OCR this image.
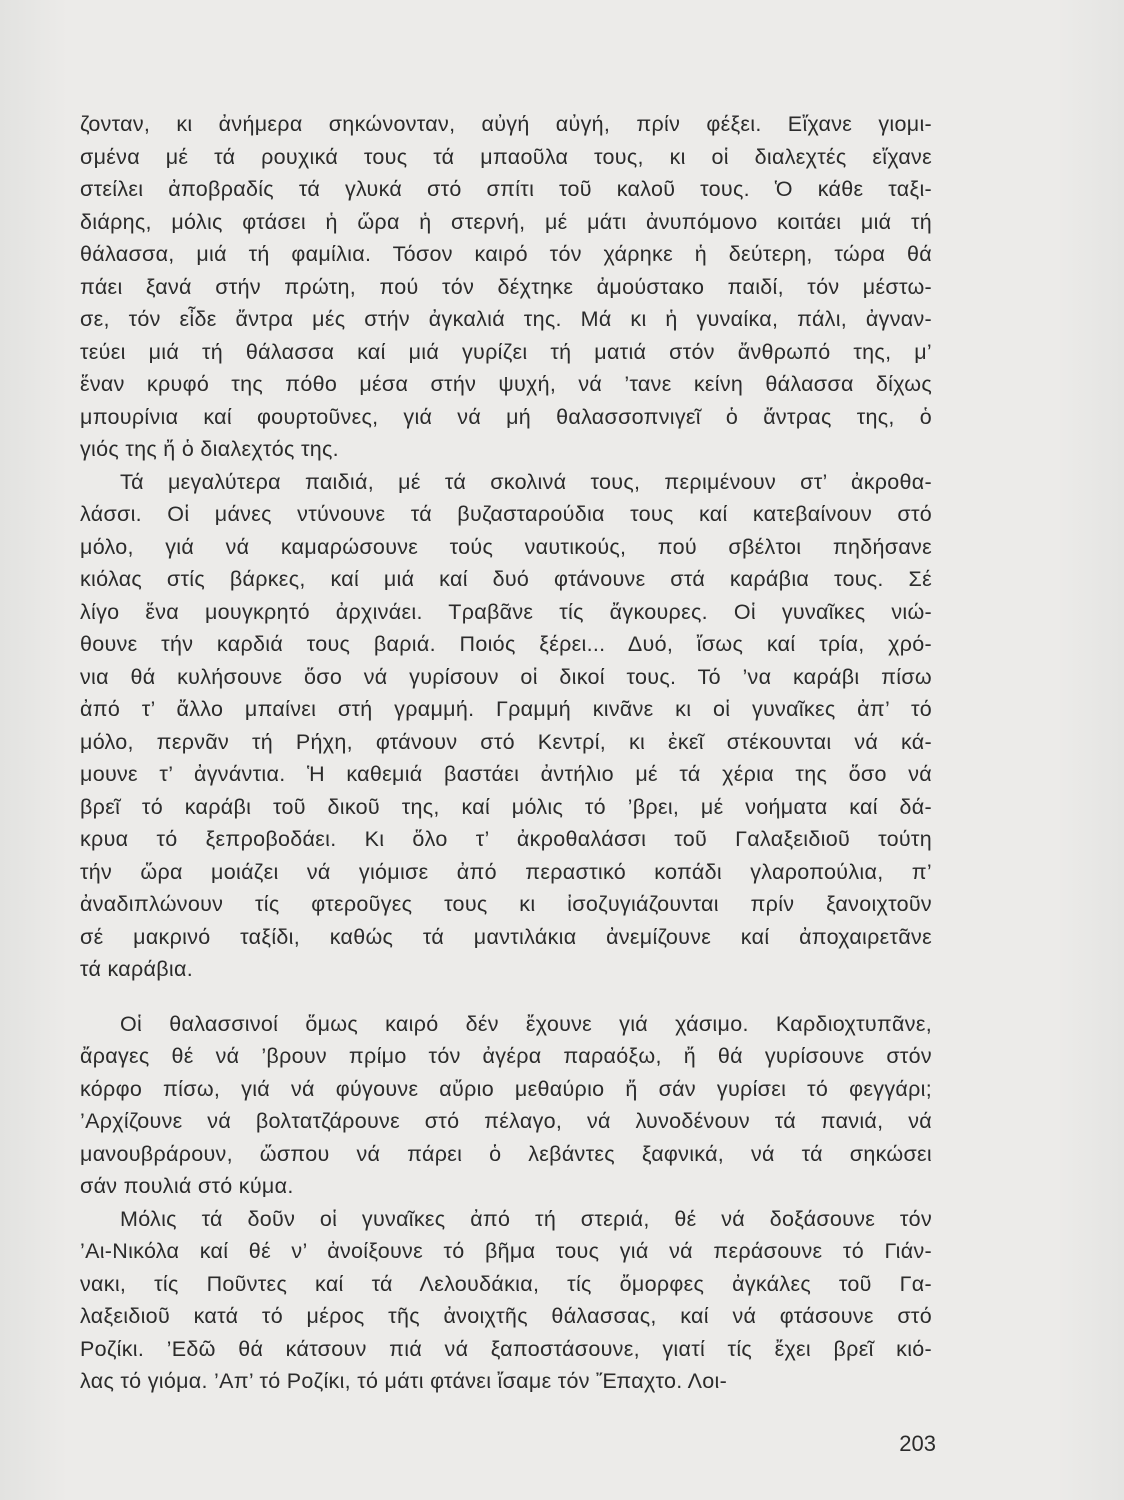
ζονταν, κι ἀνήμερα σηκώνονταν, αὐγή αὐγή, πρίν φέξει. Εἴχανε γιομι-
σμένα μέ τά ρουχικά τους τά μπαοῦλα τους, κι οἱ διαλεχτές εἴχανε
στείλει ἀποβραδίς τά γλυκά στό σπίτι τοῦ καλοῦ τους. Ὁ κάθε ταξι-
διάρης, μόλις φτάσει ἡ ὥρα ἡ στερνή, μέ μάτι ἀνυπόμονο κοιτάει μιά τή
θάλασσα, μιά τή φαμίλια. Τόσον καιρό τόν χάρηκε ἡ δεύτερη, τώρα θά
πάει ξανά στήν πρώτη, πού τόν δέχτηκε ἀμούστακο παιδί, τόν μέστω-
σε, τόν εἶδε ἄντρα μές στήν ἀγκαλιά της. Μά κι ἡ γυναίκα, πάλι, ἀγναν-
τεύει μιά τή θάλασσα καί μιά γυρίζει τή ματιά στόν ἄνθρωπό της, μ’
ἕναν κρυφό της πόθο μέσα στήν ψυχή, νά ’τανε κείνη θάλασσα δίχως
μπουρίνια καί φουρτοῦνες, γιά νά μή θαλασσοπνιγεῖ ὁ ἄντρας της, ὁ
γιός της ἤ ὁ διαλεχτός της.
Τά μεγαλύτερα παιδιά, μέ τά σκολινά τους, περιμένουν στ’ ἀκροθα-
λάσσι. Οἱ μάνες ντύνουνε τά βυζασταρούδια τους καί κατεβαίνουν στό
μόλο, γιά νά καμαρώσουνε τούς ναυτικούς, πού σβέλτοι πηδήσανε
κιόλας στίς βάρκες, καί μιά καί δυό φτάνουνε στά καράβια τους. Σέ
λίγο ἕνα μουγκρητό ἀρχινάει. Τραβᾶνε τίς ἄγκουρες. Οἱ γυναῖκες νιώ-
θουνε τήν καρδιά τους βαριά. Ποιός ξέρει... Δυό, ἴσως καί τρία, χρό-
νια θά κυλήσουνε ὅσο νά γυρίσουν οἱ δικοί τους. Τό ’να καράβι πίσω
ἀπό τ’ ἄλλο μπαίνει στή γραμμή. Γραμμή κινᾶνε κι οἱ γυναῖκες ἀπ’ τό
μόλο, περνᾶν τή Ρήχη, φτάνουν στό Κεντρί, κι ἐκεῖ στέκουνται νά κά-
μουνε τ’ ἀγνάντια. Ἡ καθεμιά βαστάει ἀντήλιο μέ τά χέρια της ὅσο νά
βρεῖ τό καράβι τοῦ δικοῦ της, καί μόλις τό ’βρει, μέ νοήματα καί δά-
κρυα τό ξεπροβοδάει. Κι ὅλο τ’ ἀκροθαλάσσι τοῦ Γαλαξειδιοῦ τούτη
τήν ὥρα μοιάζει νά γιόμισε ἀπό περαστικό κοπάδι γλαροπούλια, π’
ἀναδιπλώνουν τίς φτεροῦγες τους κι ἰσοζυγιάζουνται πρίν ξανοιχτοῦν
σέ μακρινό ταξίδι, καθώς τά μαντιλάκια ἀνεμίζουνε καί ἀποχαιρετᾶνε
τά καράβια.
Οἱ θαλασσινοί ὅμως καιρό δέν ἔχουνε γιά χάσιμο. Καρδιοχτυπᾶνε,
ἄραγες θέ νά ’βρουν πρίμο τόν ἀγέρα παραόξω, ἤ θά γυρίσουνε στόν
κόρφο πίσω, γιά νά φύγουνε αὔριο μεθαύριο ἤ σάν γυρίσει τό φεγγάρι;
’Αρχίζουνε νά βολτατζάρουνε στό πέλαγο, νά λυνοδένουν τά πανιά, νά
μανουβράρουν, ὥσπου νά πάρει ὁ λεβάντες ξαφνικά, νά τά σηκώσει
σάν πουλιά στό κύμα.
Μόλις τά δοῦν οἱ γυναῖκες ἀπό τή στεριά, θέ νά δοξάσουνε τόν
’Αι-Νικόλα καί θέ ν’ ἀνοίξουνε τό βῆμα τους γιά νά περάσουνε τό Γιάν-
νακι, τίς Ποῦντες καί τά Λελουδάκια, τίς ὄμορφες ἀγκάλες τοῦ Γα-
λαξειδιοῦ κατά τό μέρος τῆς ἀνοιχτῆς θάλασσας, καί νά φτάσουνε στό
Ροζίκι. ’Εδῶ θά κάτσουν πιά νά ξαποστάσουνε, γιατί τίς ἔχει βρεῖ κιό-
λας τό γιόμα. ’Απ’ τό Ροζίκι, τό μάτι φτάνει ἴσαμε τόν Ἔπαχτο. Λοι-
203
